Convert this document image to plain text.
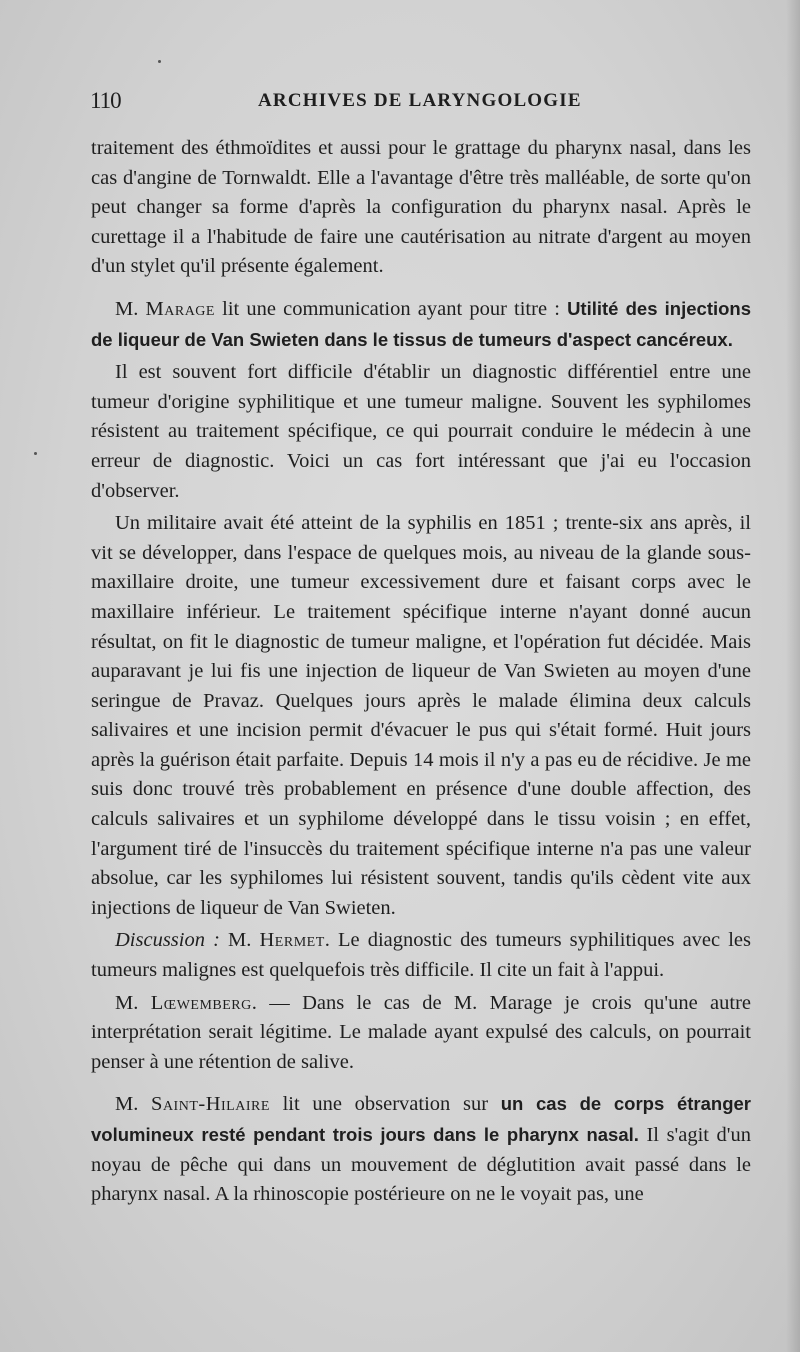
110	ARCHIVES DE LARYNGOLOGIE

traitement des éthmoïdites et aussi pour le grattage du pharynx nasal, dans les cas d'angine de Tornwaldt. Elle a l'avantage d'être très malléable, de sorte qu'on peut changer sa forme d'après la configuration du pharynx nasal. Après le curettage il a l'habitude de faire une cautérisation au nitrate d'argent au moyen d'un stylet qu'il présente également.

M. Marage lit une communication ayant pour titre : Utilité des injections de liqueur de Van Swieten dans le tissus de tumeurs d'aspect cancéreux.

Il est souvent fort difficile d'établir un diagnostic différentiel entre une tumeur d'origine syphilitique et une tumeur maligne. Souvent les syphilomes résistent au traitement spécifique, ce qui pourrait conduire le médecin à une erreur de diagnostic. Voici un cas fort intéressant que j'ai eu l'occasion d'observer.

Un militaire avait été atteint de la syphilis en 1851 ; trente-six ans après, il vit se développer, dans l'espace de quelques mois, au niveau de la glande sous-maxillaire droite, une tumeur excessivement dure et faisant corps avec le maxillaire inférieur. Le traitement spécifique interne n'ayant donné aucun résultat, on fit le diagnostic de tumeur maligne, et l'opération fut décidée. Mais auparavant je lui fis une injection de liqueur de Van Swieten au moyen d'une seringue de Pravaz. Quelques jours après le malade élimina deux calculs salivaires et une incision permit d'évacuer le pus qui s'était formé. Huit jours après la guérison était parfaite. Depuis 14 mois il n'y a pas eu de récidive. Je me suis donc trouvé très probablement en présence d'une double affection, des calculs salivaires et un syphilome développé dans le tissu voisin ; en effet, l'argument tiré de l'insuccès du traitement spécifique interne n'a pas une valeur absolue, car les syphilomes lui résistent souvent, tandis qu'ils cèdent vite aux injections de liqueur de Van Swieten.

Discussion : M. Hermet. Le diagnostic des tumeurs syphilitiques avec les tumeurs malignes est quelquefois très difficile. Il cite un fait à l'appui.

M. Lœwemberg. — Dans le cas de M. Marage je crois qu'une autre interprétation serait légitime. Le malade ayant expulsé des calculs, on pourrait penser à une rétention de salive.

M. Saint-Hilaire lit une observation sur un cas de corps étranger volumineux resté pendant trois jours dans le pharynx nasal. Il s'agit d'un noyau de pêche qui dans un mouvement de déglutition avait passé dans le pharynx nasal. A la rhinoscopie postérieure on ne le voyait pas, une
